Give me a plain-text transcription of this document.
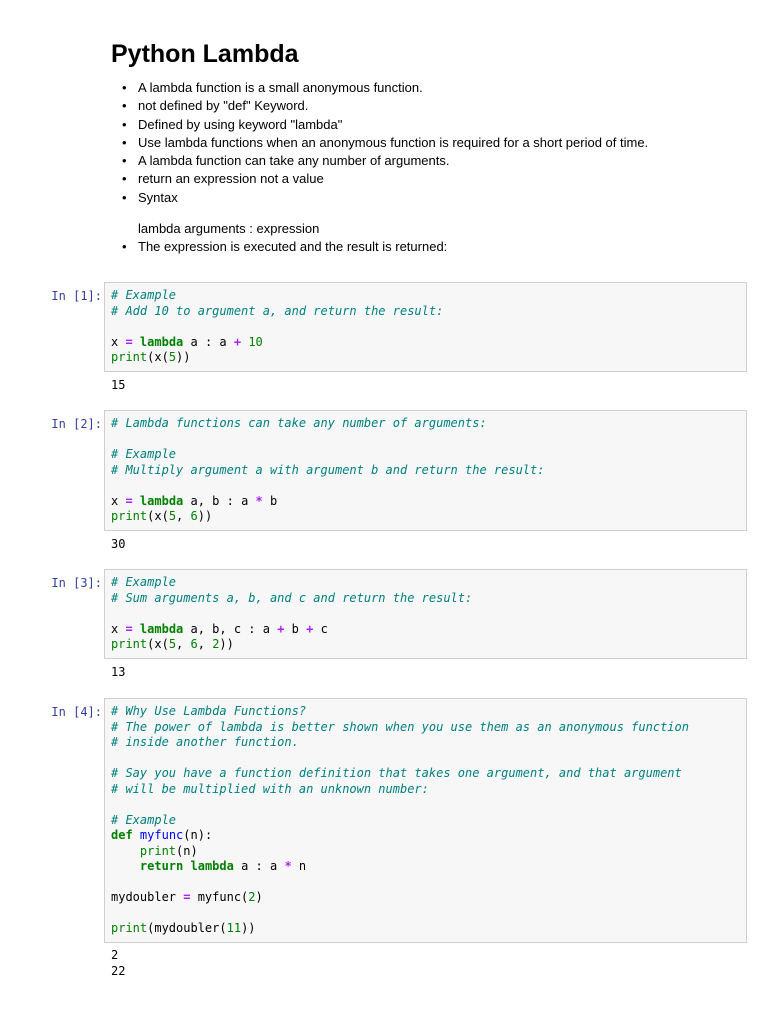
Python Lambda
• A lambda function is a small anonymous function.
• not defined by "def" Keyword.
• Defined by using keyword "lambda"
• Use lambda functions when an anonymous function is required for a short period of time.
• A lambda function can take any number of arguments.
• return an expression not a value
• Syntax
lambda arguments : expression
• The expression is executed and the result is returned:
In [1]: # Example
# Add 10 to argument a, and return the result:
x = lambda a : a + 10
print(x(5))
15
In [2]: # Lambda functions can take any number of arguments:
# Example
# Multiply argument a with argument b and return the result:
x = lambda a, b : a * b
print(x(5, 6))
30
In [3]: # Example
# Sum arguments a, b, and c and return the result:
x = lambda a, b, c : a + b + c
print(x(5, 6, 2))
13
In [4]: # Why Use Lambda Functions?
# The power of lambda is better shown when you use them as an anonymous function
# inside another function.
# Say you have a function definition that takes one argument, and that argument
# will be multiplied with an unknown number:
# Example
def myfunc(n):
print(n)
return lambda a : a * n
mydoubler = myfunc(2)
print(mydoubler(11))
2
22
